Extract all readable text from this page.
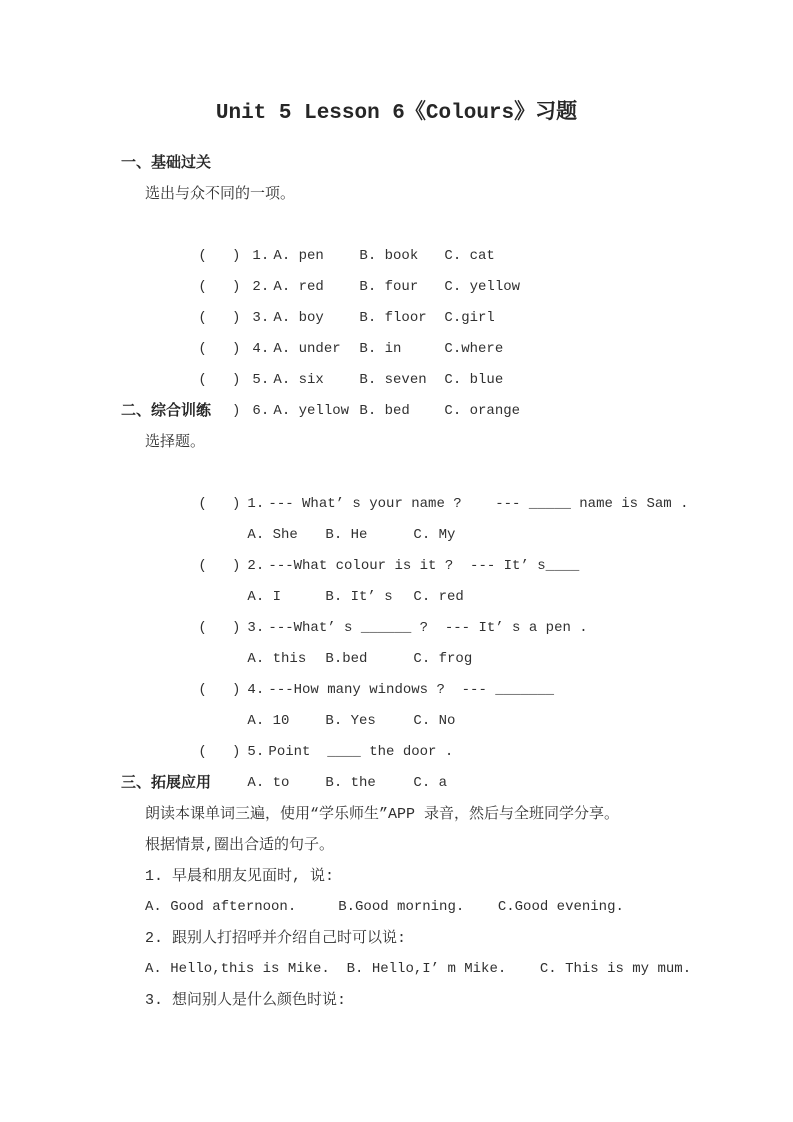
Unit 5 Lesson 6《Colours》习题
一、基础过关
选出与众不同的一项。

(   ) 1. A. pen	B. book C. cat

(   ) 2. A. red	B. four C. yellow

(   ) 3. A. boy	B. floor C.girl

(   ) 4. A. under B. in	C.where

(   ) 5. A. six	B. seven C. blue

(   ) 6. A. yellow B. bed C. orange

二、综合训练
选择题。

(   ) 1. --- What’ s your name ?    --- _____ name is Sam .

A. She B. He	C. My

(   ) 2. ---What colour is it ?  --- It’ s____

A. I	B. It’ s C. red

(   ) 3. ---What’ s ______ ?  --- It’ s a pen .

A. this B.bed	C. frog

(   ) 4. ---How many windows ?  --- _______

A. 10	B. Yes	C. No

(   ) 5. Point  ____ the door .

A. to	B. the	C. a

三、拓展应用
朗读本课单词三遍，使用“学乐师生”APP 录音，然后与全班同学分享。
根据情景,圈出合适的句子。
1. 早晨和朋友见面时, 说:
A. Good afternoon.     B.Good morning.    C.Good evening.
2. 跟别人打招呼并介绍自己时可以说:
A. Hello,this is Mike.  B. Hello,I’ m Mike.    C. This is my mum.
3. 想问别人是什么颜色时说:
